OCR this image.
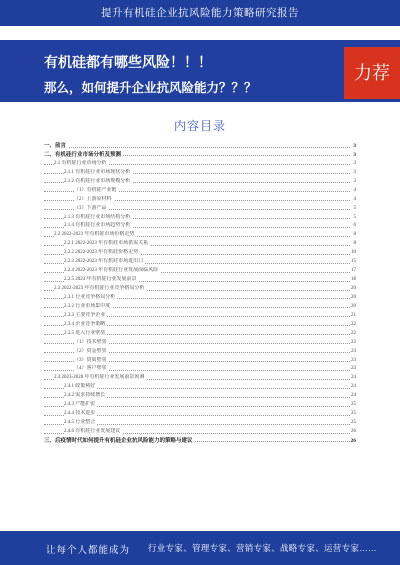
提升有机硅企业抗风险能力策略研究报告
有机硅都有哪些风险！！！
那么，如何提升企业抗风险能力？？？
力荐
内容目录
一、前言	3
二、有机硅行业市场分析及预测	3
2.1 有机硅行业市场分析	3
2.1.1 有机硅行业市场现状分析	3
2.1.2 有机硅行业市场规模分析	3
（1）有机硅产业链	4
（2）上游原材料	4
（3）下游产品	5
2.1.3 有机硅行业市场结构分析	5
2.1.4 有机硅行业市场趋势分析	6
2.2 2022-2023 年有机硅市场价格走势	8
2.2.1 2022-2023 年有机硅市场供需关系	8
2.2.2 2022-2023 年有机硅价格走势	10
2.2.3 2022-2023 年有机硅市场进出口	15
2.2.4 2022-2023 年有机硅行业发展面临风险	17
2.2.5 2023 年有机硅行业发展前景	18
2.3 2022-2023 年有机硅行业竞争格局分析	20
2.3.1 行业竞争格局分析	20
2.3.2 行业市场集中度	20
2.3.3 主要竞争企业	21
2.3.4 企业竞争策略	22
2.3.5 进入行业壁垒	22
（1）技术壁垒	22
（2）资金壁垒	23
（3）资质壁垒	23
（4）客户壁垒	23
2.4 2023-2028 年有机硅行业发展前景预测	24
2.4.1 政策利好	24
2.4.2 需求持续增长	24
2.4.3 产能扩张	25
2.4.4 技术进步	25
2.4.5 行业整合	25
2.4.6 有机硅行业发展建议	26
三、后疫情时代如何提升有机硅企业抗风险能力的策略与建议	26
让每个人都能成为 行业专家、管理专家、营销专家、战略专家、运营专家……
